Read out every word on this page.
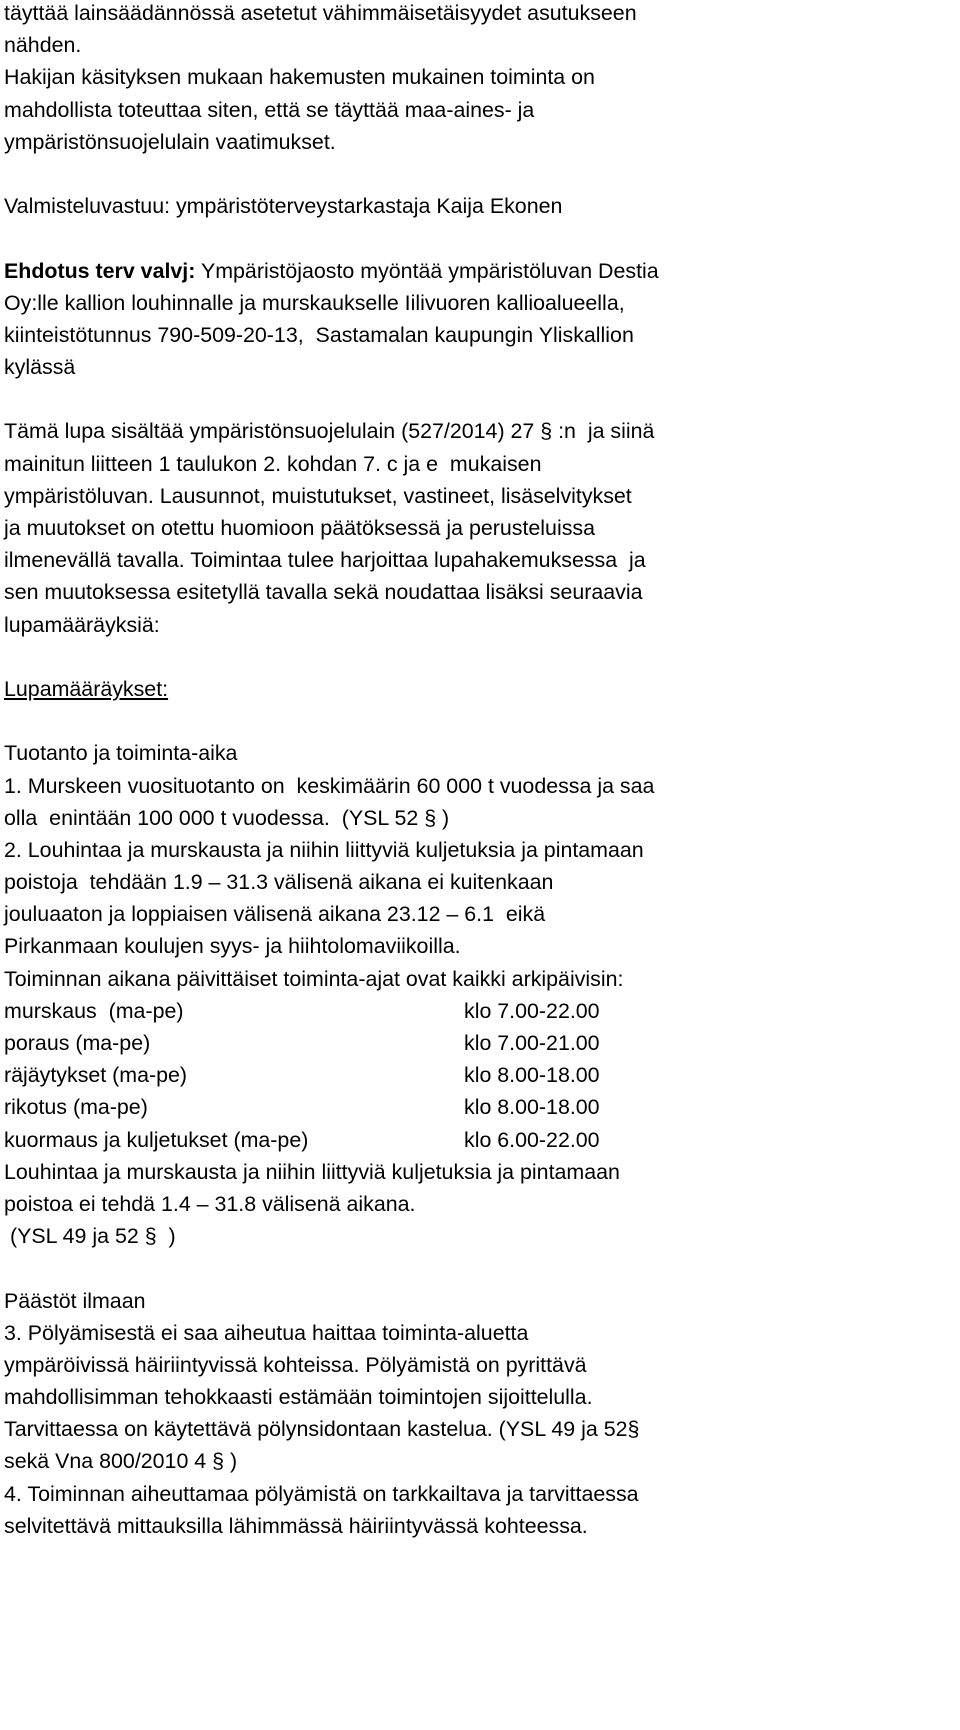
täyttää lainsäädännössä asetetut vähimmäisetäisyydet asutukseen
nähden.
Hakijan käsityksen mukaan hakemusten mukainen toiminta on
mahdollista toteuttaa siten, että se täyttää maa-aines- ja
ympäristönsuojelulain vaatimukset.
Valmisteluvastuu: ympäristöterveystarkastaja Kaija Ekonen
Ehdotus terv valvj: Ympäristöjaosto myöntää ympäristöluvan Destia
Oy:lle kallion louhinnalle ja murskaukselle Iilivuoren kallioalueella,
kiinteistötunnus 790-509-20-13,  Sastamalan kaupungin Yliskallion
kylässä
Tämä lupa sisältää ympäristönsuojelulain (527/2014) 27 § :n  ja siinä
mainitun liitteen 1 taulukon 2. kohdan 7. c ja e  mukaisen
ympäristöluvan. Lausunnot, muistutukset, vastineet, lisäselvitykset
ja muutokset on otettu huomioon päätöksessä ja perusteluissa
ilmenevällä tavalla. Toimintaa tulee harjoittaa lupahakemuksessa  ja
sen muutoksessa esitetyllä tavalla sekä noudattaa lisäksi seuraavia
lupamääräyksiä:
Lupamääräykset:
Tuotanto ja toiminta-aika
1. Murskeen vuosituotanto on  keskimäärin 60 000 t vuodessa ja saa
olla  enintään 100 000 t vuodessa.  (YSL 52 § )
2. Louhintaa ja murskausta ja niihin liittyviä kuljetuksia ja pintamaan
poistoja  tehdään 1.9 – 31.3 välisenä aikana ei kuitenkaan
jouluaaton ja loppiaisen välisenä aikana 23.12 – 6.1  eikä
Pirkanmaan koulujen syys- ja hiihtolomaviikoilla.
Toiminnan aikana päivittäiset toiminta-ajat ovat kaikki arkipäivisin:
murskaus  (ma-pe)	klo 7.00-22.00
poraus (ma-pe)	klo 7.00-21.00
räjäytykset (ma-pe)	klo 8.00-18.00
rikotus (ma-pe)	klo 8.00-18.00
kuormaus ja kuljetukset (ma-pe)	klo 6.00-22.00
Louhintaa ja murskausta ja niihin liittyviä kuljetuksia ja pintamaan
poistoa ei tehdä 1.4 – 31.8 välisenä aikana.
(YSL 49 ja 52 §  )
Päästöt ilmaan
3. Pölyämisestä ei saa aiheutua haittaa toiminta-aluetta
ympäröivissä häiriintyvissä kohteissa. Pölyämistä on pyrittävä
mahdollisimman tehokkaasti estämään toimintojen sijoittelulla.
Tarvittaessa on käytettävä pölynsidontaan kastelua. (YSL 49 ja 52§
sekä Vna 800/2010 4 § )
4. Toiminnan aiheuttamaa pölyämistä on tarkkailtava ja tarvittaessa
selvitettävä mittauksilla lähimmässä häiriintyvässä kohteessa.
